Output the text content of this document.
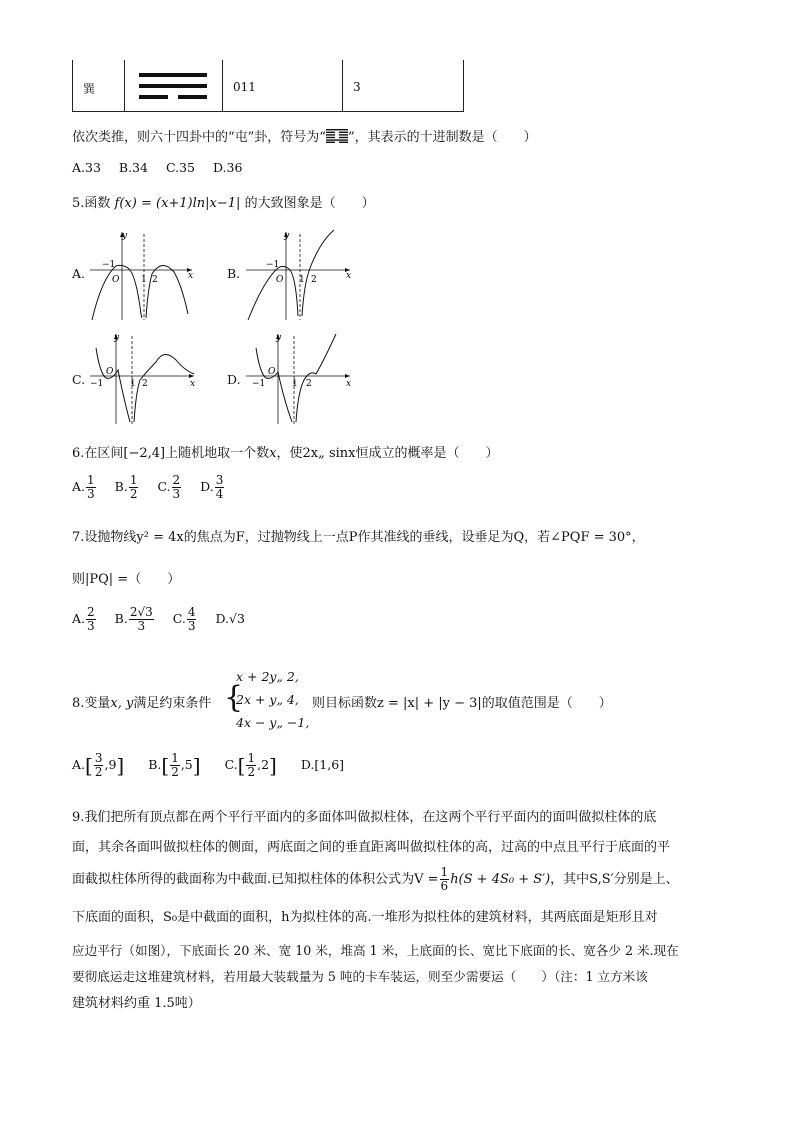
巽	011	3
依次类推，则六十四卦中的“屯”卦，符号为“ ”，其表示的十进制数是（　　）
A.33 B.34 C.35 D.36
5.函数 f(x) = (x+1)ln|x−1| 的大致图象是（　　）
A.
y
x
O
−1
1 2	B.
y
x
O
−1
1 2
C.
y
x
O
−1	1 2	D.
y
x
O
−1	1 2
6.在区间[−2,4]上随机地取一个数x，使2x„ sinx恒成立的概率是（　　）
A. $\frac{1}{3} B$. $\frac{1}{2} C$. $\frac{2}{3} D$. $\frac{3}{4}$
7.设抛物线y² = 4x的焦点为F，过抛物线上一点P作其准线的垂线，设垂足为Q，若∠PQF = 30°，
则|PQ| =（　　）
A. $\frac{2}{3} B$. $\frac{2√3}{3} C$. $\frac{4}{3} D.√3$
8.变量x, y满足约束条件 {
x + 2y„ 2,
2x + y„ 4,
4x − y„ −1,
则目标函数z = |x| + |y − 3|的取值范围是（　　）
$A.[ \frac{3}{2} ,9]$ $B.[ \frac{1}{2} ,5]$ $C.[ \frac{1}{2} ,2]$ D.[1,6]
9.我们把所有顶点都在两个平行平面内的多面体叫做拟柱体，在这两个平行平面内的面叫做拟柱体的底
面，其余各面叫做拟柱体的侧面，两底面之间的垂直距离叫做拟柱体的高，过高的中点且平行于底面的平
面截拟柱体所得的截面称为中截面.已知拟柱体的体积公式为$V = \frac{1}{6} h(S + 4S_0 + S')$，其中S,S′分别是上、
下底面的面积，S₀是中截面的面积，h为拟柱体的高.一堆形为拟柱体的建筑材料，其两底面是矩形且对
应边平行（如图），下底面长 20 米、宽 10 米，堆高 1 米，上底面的长、宽比下底面的长、宽各少 2 米.现在
要彻底运走这堆建筑材料，若用最大装载量为 5 吨的卡车装运，则至少需要运（　　）（注：1 立方米该
建筑材料约重 1.5吨）
